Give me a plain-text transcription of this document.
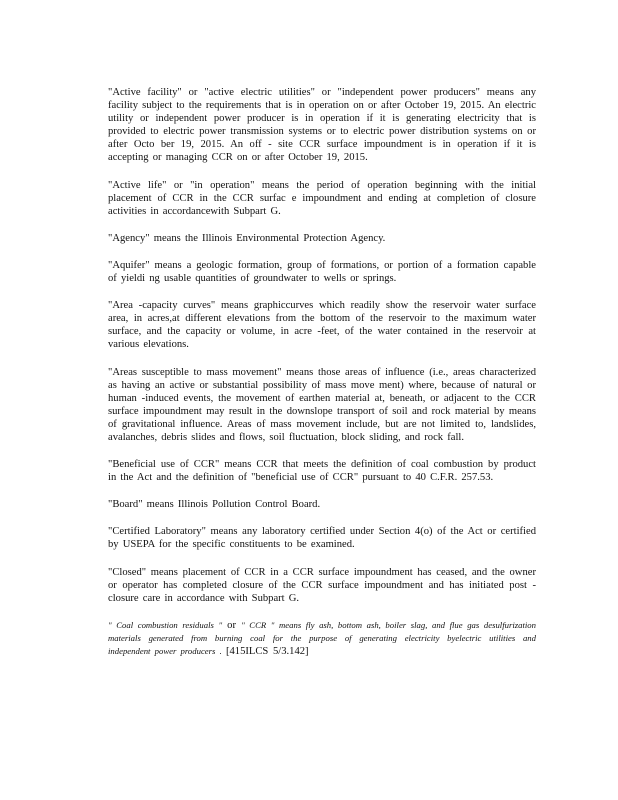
"Active facility" or "active electric utilities" or "independent power producers" means any facility subject to the requirements that is in operation on or after October 19, 2015. An electric utility or independent power producer is in operation if it is generating electricity that is provided to electric power transmission systems or to electric power distribution systems on or after Octo ber 19, 2015. An off - site CCR surface impoundment is in operation if it is accepting or managing CCR on or after October 19, 2015.

"Active life" or "in operation" means the period of operation beginning with the initial placement of CCR in the CCR surfac e impoundment and ending at completion of closure activities in accordancewith Subpart G.

"Agency" means the Illinois Environmental Protection Agency.

"Aquifer" means a geologic formation, group of formations, or portion of a formation capable of yieldi ng usable quantities of groundwater to wells or springs.

"Area -capacity curves" means graphiccurves which readily show the reservoir water surface area, in acres,at different elevations from the bottom of the reservoir to the maximum water surface, and the capacity or volume, in acre -feet, of the water contained in the reservoir at various elevations.

"Areas susceptible to mass movement" means those areas of influence (i.e., areas characterized as having an active or substantial possibility of mass move ment) where, because of natural or human -induced events, the movement of earthen material at, beneath, or adjacent to the CCR surface impoundment may result in the downslope transport of soil and rock material by means of gravitational influence. Areas of mass movement include, but are not limited to, landslides, avalanches, debris slides and flows, soil fluctuation, block sliding, and rock fall.

"Beneficial use of CCR" means CCR that meets the definition of coal combustion by product in the Act and the definition of "beneficial use of CCR" pursuant to 40 C.F.R. 257.53.

"Board" means Illinois Pollution Control Board.

"Certified Laboratory" means any laboratory certified under Section 4(o) of the Act or certified by USEPA for the specific constituents to be examined.

"Closed" means placement of CCR in a CCR surface impoundment has ceased, and the owner or operator has completed closure of the CCR surface impoundment and has initiated post -closure care in accordance with Subpart G.

" Coal combustion residuals " or " CCR " means fly ash, bottom ash, boiler slag, and flue gas desulfurization materials generated from burning coal for the purpose of generating electricity byelectric utilities and independent power producers . [415ILCS 5/3.142]
